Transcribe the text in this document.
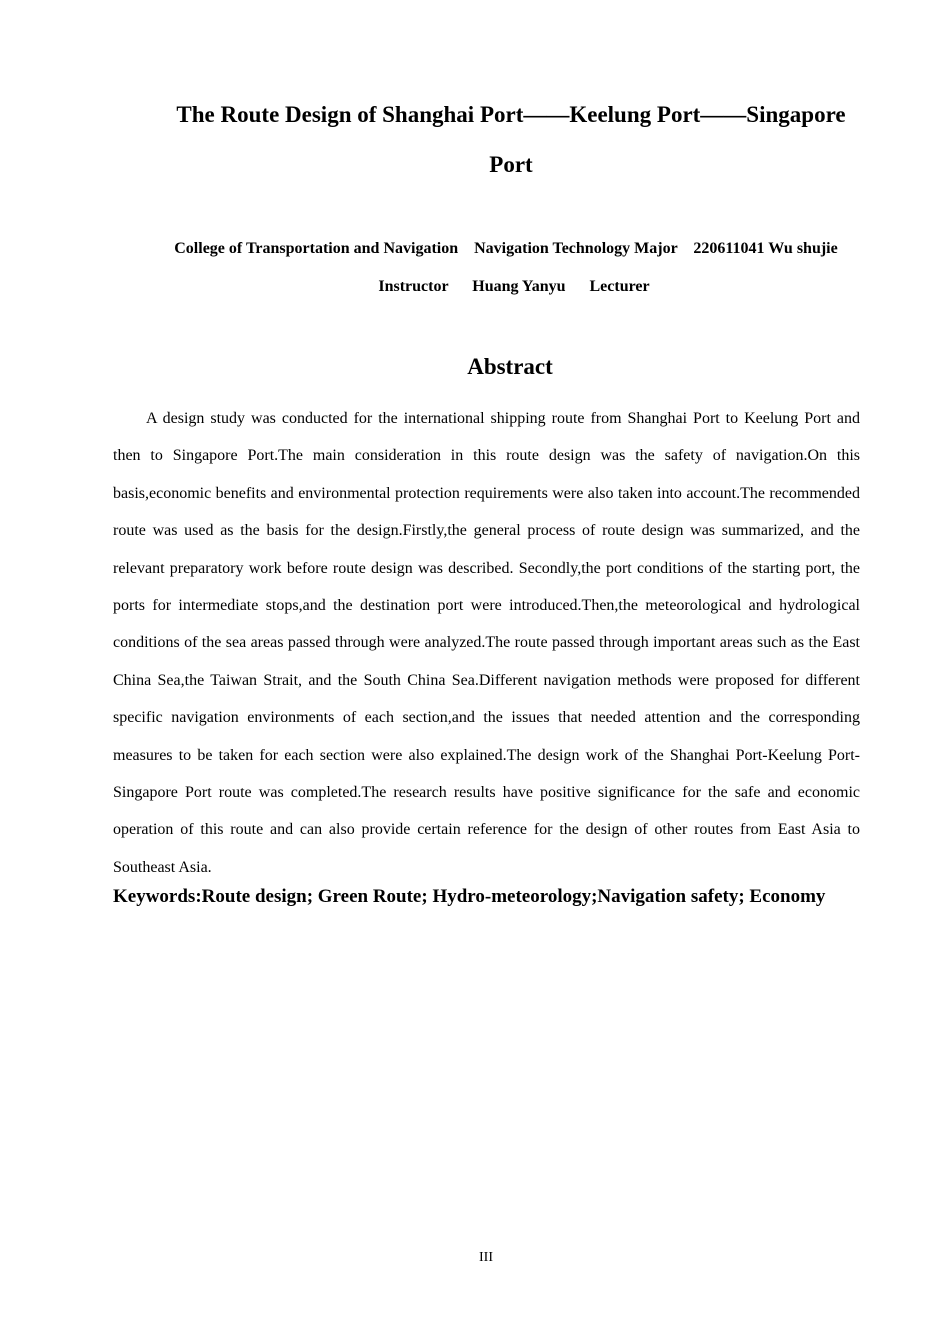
The Route Design of Shanghai Port——Keelung Port——Singapore
Port
College of Transportation and Navigation    Navigation Technology Major    220611041 Wu shujie
Instructor      Huang Yanyu      Lecturer
Abstract

A design study was conducted for the international shipping route from Shanghai Port to Keelung Port and then to Singapore Port.The main consideration in this route design was the safety of navigation.On this basis,economic benefits and environmental protection requirements were also taken into account.The recommended route was used as the basis for the design.Firstly,the general process of route design was summarized, and the relevant preparatory work before route design was described. Secondly,the port conditions of the starting port, the ports for intermediate stops,and the destination port were introduced.Then,the meteorological and hydrological conditions of the sea areas passed through were analyzed.The route passed through important areas such as the East China Sea,the Taiwan Strait, and the South China Sea.Different navigation methods were proposed for different specific navigation environments of each section,and the issues that needed attention and the corresponding measures to be taken for each section were also explained.The design work of the Shanghai Port-Keelung Port-Singapore Port route was completed.The research results have positive significance for the safe and economic operation of this route and can also provide certain reference for the design of other routes from East Asia to Southeast Asia.

Keywords:Route design; Green Route; Hydro-meteorology;Navigation safety; Economy
III
